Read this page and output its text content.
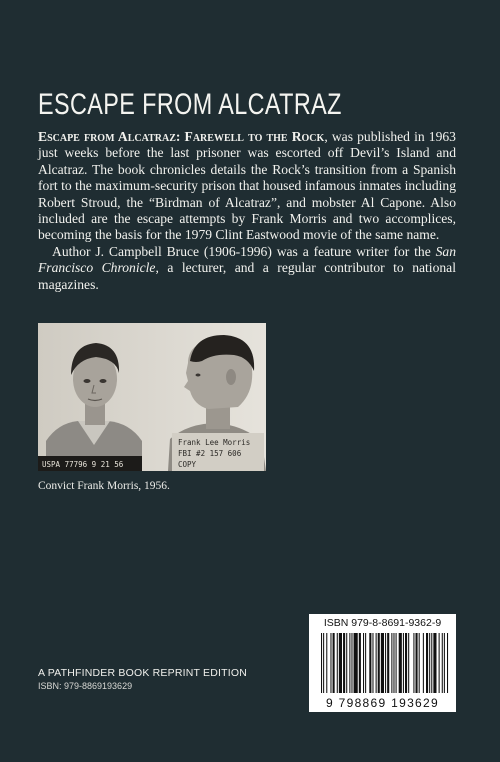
ESCAPE FROM ALCATRAZ

Escape from Alcatraz: Farewell to the Rock, was published in 1963 just weeks before the last prisoner was escorted off Devil’s Island and Alcatraz. The book chronicles details the Rock’s transition from a Spanish fort to the maximum-security prison that housed infamous inmates including Robert Stroud, the “Birdman of Alcatraz”, and mobster Al Capone. Also included are the escape attempts by Frank Morris and two accomplices, becoming the basis for the 1979 Clint Eastwood movie of the same name.

Author J. Campbell Bruce (1906-1996) was a feature writer for the San Francisco Chronicle, a lecturer, and a regular contributor to national magazines.

USPA 77796 9 21 56
Frank Lee Morris
FBI #2 157 606
COPY
Convict Frank Morris, 1956.
A PATHFINDER BOOK REPRINT EDITION
ISBN: 979-8869193629
ISBN 979-8-8691-9362-9
9 798869 193629
